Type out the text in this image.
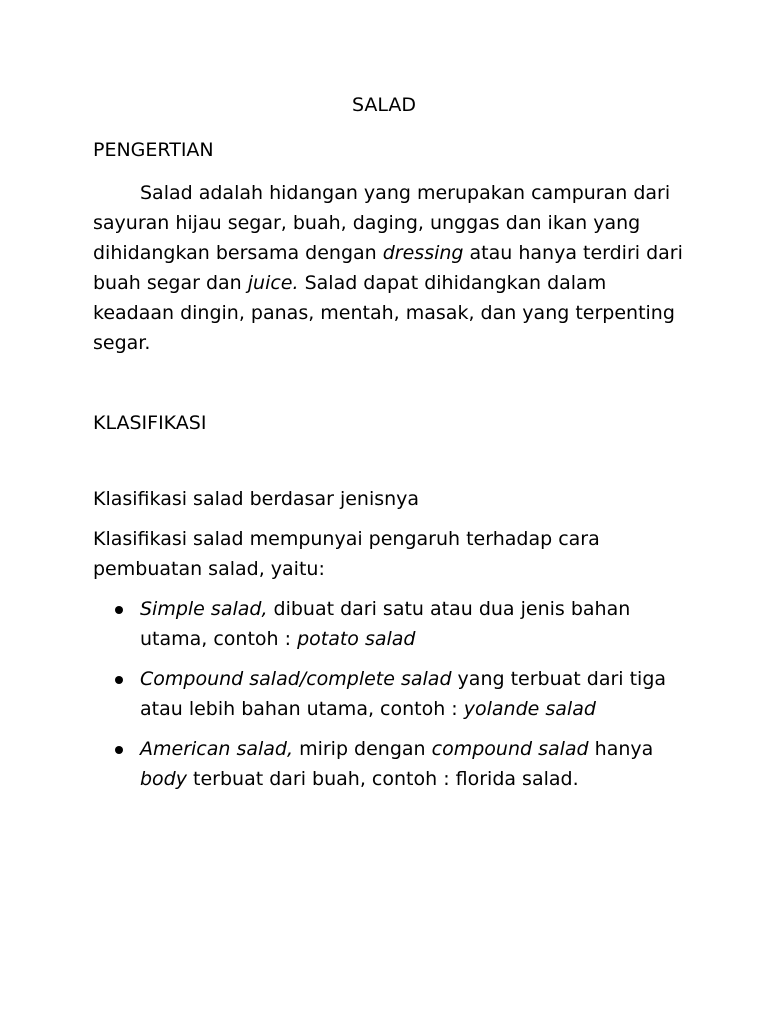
SALAD
PENGERTIAN

Salad adalah hidangan yang merupakan campuran dari sayuran hijau segar, buah, daging, unggas dan ikan yang dihidangkan bersama dengan dressing atau hanya terdiri dari buah segar dan juice. Salad dapat dihidangkan dalam keadaan dingin, panas, mentah, masak, dan yang terpenting segar.

KLASIFIKASI
Klasifikasi salad berdasar jenisnya

Klasifikasi salad mempunyai pengaruh terhadap cara pembuatan salad, yaitu:

Simple salad, dibuat dari satu atau dua jenis bahan utama, contoh : potato salad
Compound salad/complete salad yang terbuat dari tiga atau lebih bahan utama, contoh : yolande salad
American salad, mirip dengan compound salad hanya body terbuat dari buah, contoh : florida salad.
